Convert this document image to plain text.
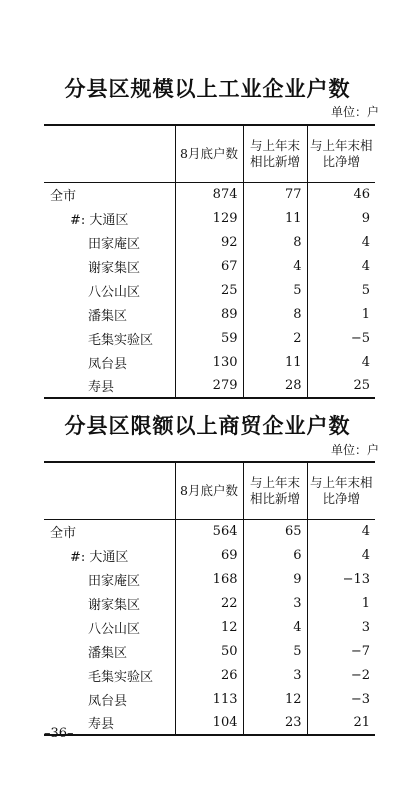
分县区规模以上工业企业户数
单位：户
	8月底户数	与上年末相比新增	与上年末相比净增
全市	874	77	46
#: 大通区	129	11	9
田家庵区	92	8	4
谢家集区	67	4	4
八公山区	25	5	5
潘集区	89	8	1
毛集实验区	59	2	−5
凤台县	130	11	4
寿县	279	28	25
分县区限额以上商贸企业户数
单位：户
	8月底户数	与上年末相比新增	与上年末相比净增
全市	564	65	4
#: 大通区	69	6	4
田家庵区	168	9	−13
谢家集区	22	3	1
八公山区	12	4	3
潘集区	50	5	−7
毛集实验区	26	3	−2
凤台县	113	12	−3
寿县	104	23	21
–36–
